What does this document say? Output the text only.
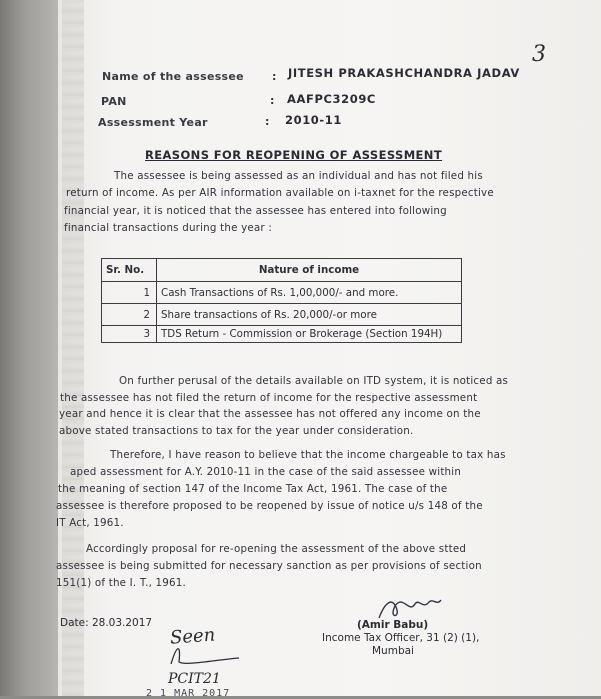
3
Name of the assessee	: JITESH PRAKASHCHANDRA JADAV
PAN	: AAFPC3209C
Assessment Year	: 2010-11
REASONS FOR REOPENING OF ASSESSMENT
The assessee is being assessed as an individual and has not filed his
return of income. As per AIR information available on i-taxnet for the respective
financial year, it is noticed that the assessee has entered into following
financial transactions during the year :
Sr. No.	Nature of income
1	Cash Transactions of Rs. 1,00,000/- and more.
2	Share transactions of Rs. 20,000/-or more
3	TDS Return - Commission or Brokerage (Section 194H)
On further perusal of the details available on ITD system, it is noticed as
the assessee has not filed the return of income for the respective assessment
year and hence it is clear that the assessee has not offered any income on the
above stated transactions to tax for the year under consideration.
Therefore, I have reason to believe that the income chargeable to tax has
aped assessment for A.Y. 2010-11 in the case of the said assessee within
the meaning of section 147 of the Income Tax Act, 1961. The case of the
assessee is therefore proposed to be reopened by issue of notice u/s 148 of the
IT Act, 1961.
Accordingly proposal for re-opening the assessment of the above stted
assessee is being submitted for necessary sanction as per provisions of section
151(1) of the I. T., 1961.
Date: 28.03.2017	(Amir Babu)
Income Tax Officer, 31 (2) (1),
Mumbai
Seen
PCIT21
2 1 MAR 2017
